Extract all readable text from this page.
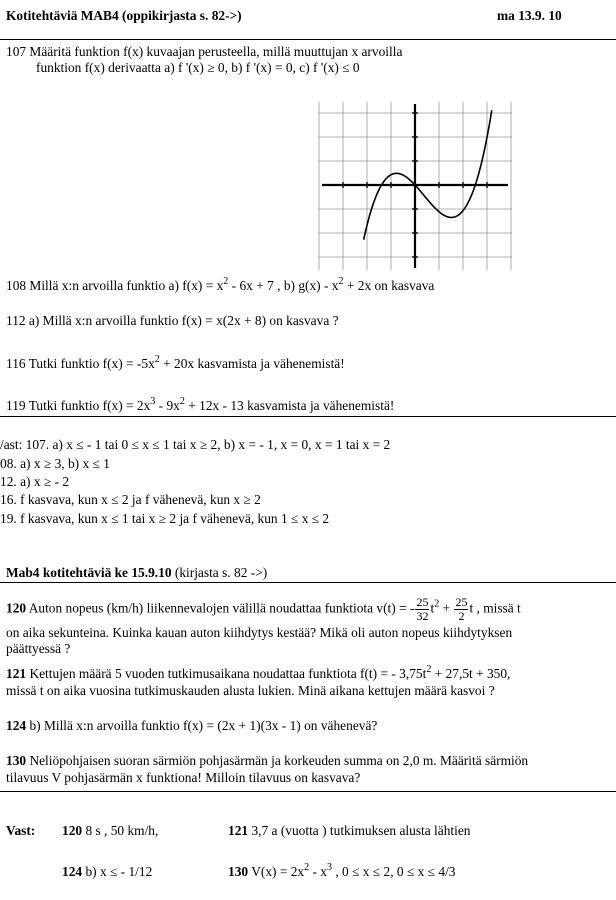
Kotitehtäviä MAB4 (oppikirjasta s. 82->)	ma 13.9. 10
107 Määritä funktion f(x) kuvaajan perusteella, millä muuttujan x arvoilla
funktion f(x) derivaatta a) f '(x) ≥ 0, b) f '(x) = 0, c) f '(x) ≤ 0
108 Millä x:n arvoilla funktio a) $f(x) = x^2 - 6x + 7$ , b) $g(x) - x^2 + 2x$ on kasvava
112 a) Millä x:n arvoilla funktio f(x) = x(2x + 8) on kasvava ?
116 Tutki funktio $f(x) = -5x^2 + 20x$ kasvamista ja vähenemistä!
119 Tutki funktio $f(x) = 2x^3 - 9x^2 + 12x - 13$ kasvamista ja vähenemistä!
/ast: 107. a) x ≤ - 1 tai 0 ≤ x ≤ 1 tai x ≥ 2, b) x = - 1, x = 0, x = 1 tai x = 2
08. a) x ≥ 3, b) x ≤ 1
12. a) x ≥ - 2
16. f kasvava, kun x ≤ 2 ja f vähenevä, kun x ≥ 2
19. f kasvava, kun x ≤ 1 tai x ≥ 2 ja f vähenevä, kun 1 ≤ x ≤ 2
Mab4 kotitehtäviä ke 15.9.10 (kirjasta s. 82 ->)
120 Auton nopeus (km/h) liikennevalojen välillä noudattaa funktiota v(t) = - $\frac{25}{32} t^2 + \frac{25}{2}$ t , missä t
on aika sekunteina. Kuinka kauan auton kiihdytys kestää? Mikä oli auton nopeus kiihdytyksen
päättyessä ?
121 Kettujen määrä 5 vuoden tutkimusaikana noudattaa funktiota f(t) = - $3,75t^2 + 27,5t + 350$,
missä t on aika vuosina tutkimuskauden alusta lukien. Minä aikana kettujen määrä kasvoi ?
124 b) Millä x:n arvoilla funktio f(x) = (2x + 1)(3x - 1) on vähenevä?
130 Neliöpohjaisen suoran särmiön pohjasärmän ja korkeuden summa on 2,0 m. Määritä särmiön
tilavuus V pohjasärmän x funktiona! Milloin tilavuus on kasvava?
Vast: 120 8 s , 50 km/h,	121 3,7 a (vuotta ) tutkimuksen alusta lähtien
124 b) x ≤ - 1/12	130 $V(x) = 2x^2 - x^3$ , 0 ≤ x ≤ 2, 0 ≤ x ≤ 4/3
